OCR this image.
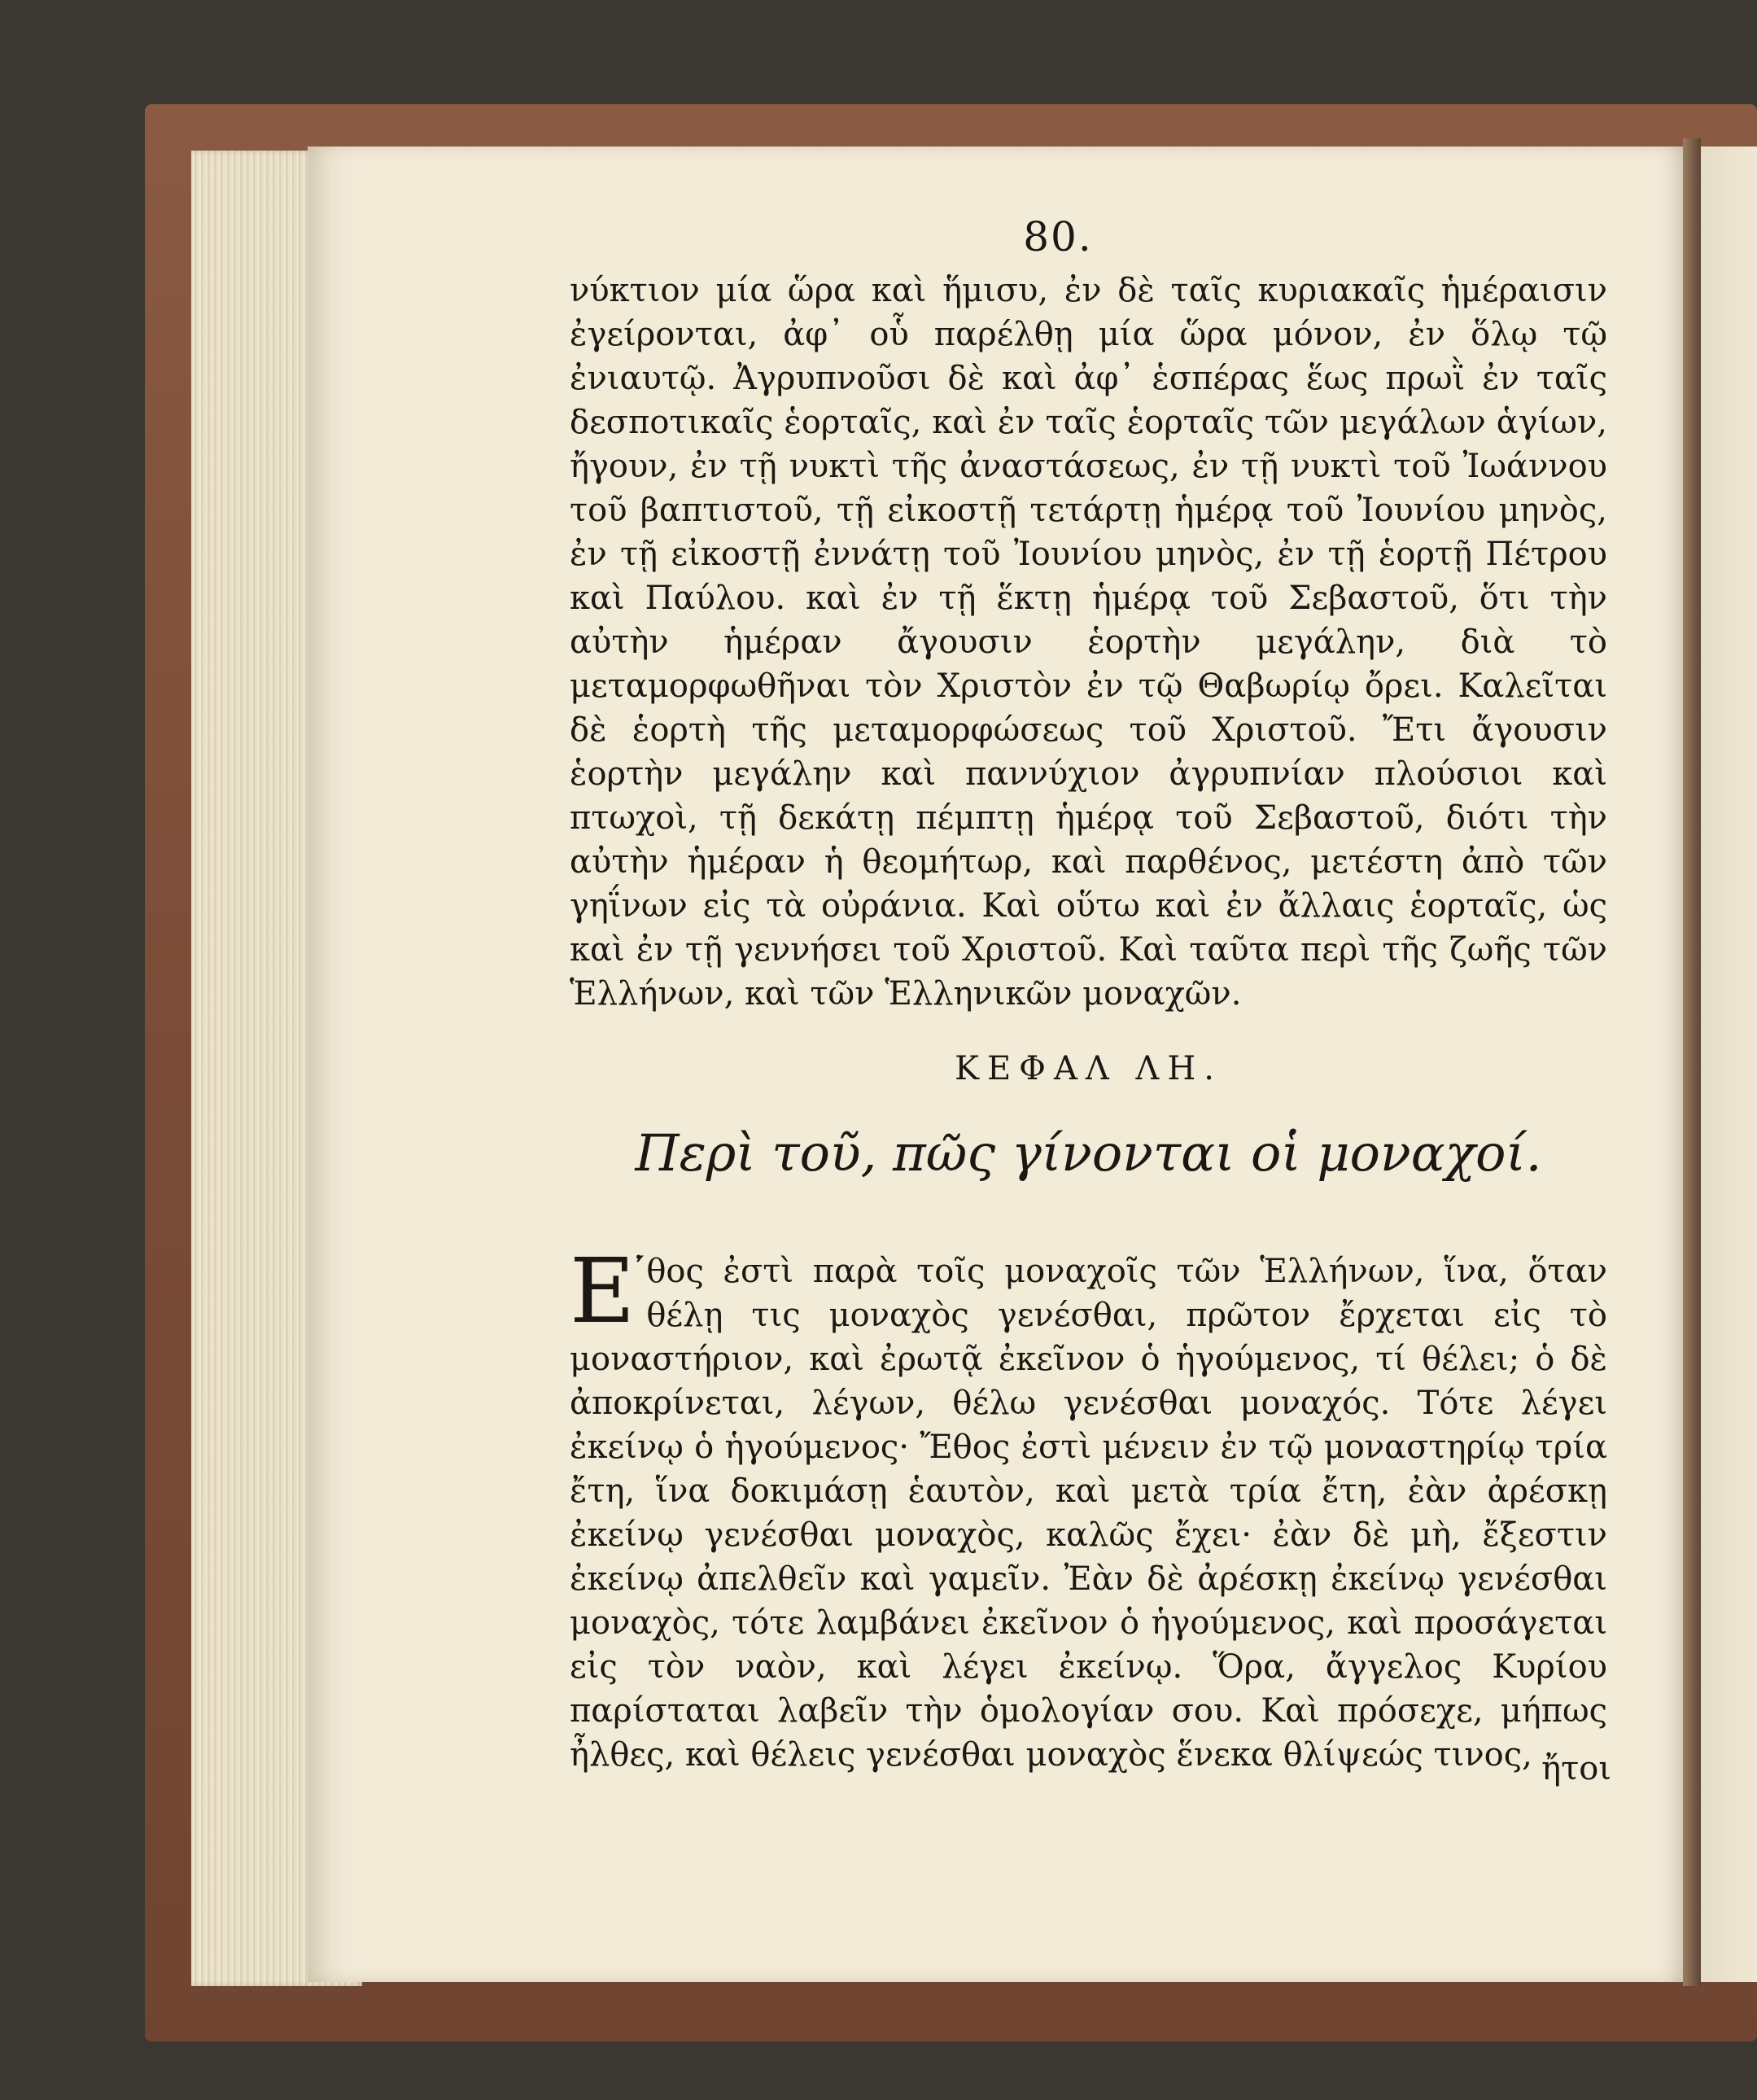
80.
νύκτιον μία ὥρα καὶ ἥμισυ, ἐν δὲ ταῖς κυριακαῖς ἡμέραισιν ἐγείρονται, ἀφ᾽ οὗ παρέλθῃ μία ὥρα μόνον, ἐν ὅλῳ τῷ ἐνιαυτῷ. Ἀγρυπνοῦσι δὲ καὶ ἀφ᾽ ἑσπέρας ἕως πρωῒ ἐν ταῖς δεσποτικαῖς ἑορταῖς, καὶ ἐν ταῖς ἑορταῖς τῶν μεγάλων ἁγίων, ἤγουν, ἐν τῇ νυκτὶ τῆς ἀναστάσεως, ἐν τῇ νυκτὶ τοῦ Ἰωάννου τοῦ βαπτιστοῦ, τῇ εἰκοστῇ τετάρτῃ ἡμέρᾳ τοῦ Ἰουνίου μηνὸς, ἐν τῇ εἰκοστῇ ἐννάτῃ τοῦ Ἰουνίου μηνὸς, ἐν τῇ ἑορτῇ Πέτρου καὶ Παύλου. καὶ ἐν τῇ ἕκτῃ ἡμέρᾳ τοῦ Σεβαστοῦ, ὅτι τὴν αὐτὴν ἡμέραν ἄγουσιν ἑορτὴν μεγάλην, διὰ τὸ μεταμορφωθῆναι τὸν Χριστὸν ἐν τῷ Θαβωρίῳ ὄρει. Καλεῖται δὲ ἑορτὴ τῆς μεταμορφώσεως τοῦ Χριστοῦ. Ἔτι ἄγουσιν ἑορτὴν μεγάλην καὶ παννύχιον ἀγρυπνίαν πλούσιοι καὶ πτωχοὶ, τῇ δεκάτῃ πέμπτῃ ἡμέρᾳ τοῦ Σεβαστοῦ, διότι τὴν αὐτὴν ἡμέραν ἡ θεομήτωρ, καὶ παρθένος, μετέστη ἀπὸ τῶν γηΐνων εἰς τὰ οὐράνια. Καὶ οὕτω καὶ ἐν ἄλλαις ἑορταῖς, ὡς καὶ ἐν τῇ γεννήσει τοῦ Χριστοῦ. Καὶ ταῦτα περὶ τῆς ζωῆς τῶν Ἑλλήνων, καὶ τῶν Ἑλληνικῶν μοναχῶν.
ΚΕΦΑΛ ΛΗ.
Περὶ τοῦ, πῶς γίνονται οἱ μοναχοί.
Ε ̓́θος ἐστὶ παρὰ τοῖς μοναχοῖς τῶν Ἑλλήνων, ἵνα, ὅταν θέλῃ τις μοναχὸς γενέσθαι, πρῶτον ἔρχεται εἰς τὸ μοναστήριον, καὶ ἐρωτᾷ ἐκεῖνον ὁ ἡγούμενος, τί θέλει; ὁ δὲ ἀποκρίνεται, λέγων, θέλω γενέσθαι μοναχός. Τότε λέγει ἐκείνῳ ὁ ἡγούμενος· Ἔθος ἐστὶ μένειν ἐν τῷ μοναστηρίῳ τρία ἔτη, ἵνα δοκιμάσῃ ἑαυτὸν, καὶ μετὰ τρία ἔτη, ἐὰν ἀρέσκῃ ἐκείνῳ γενέσθαι μοναχὸς, καλῶς ἔχει· ἐὰν δὲ μὴ, ἔξεστιν ἐκείνῳ ἀπελθεῖν καὶ γαμεῖν. Ἐὰν δὲ ἀρέσκῃ ἐκείνῳ γενέσθαι μοναχὸς, τότε λαμβάνει ἐκεῖνον ὁ ἡγούμενος, καὶ προσάγεται εἰς τὸν ναὸν, καὶ λέγει ἐκείνῳ. Ὅρα, ἄγγελος Κυρίου παρίσταται λαβεῖν τὴν ὁμολογίαν σου. Καὶ πρόσεχε, μήπως ἦλθες, καὶ θέλεις γενέσθαι μοναχὸς ἕνεκα θλίψεώς τινος, ἤτοι
